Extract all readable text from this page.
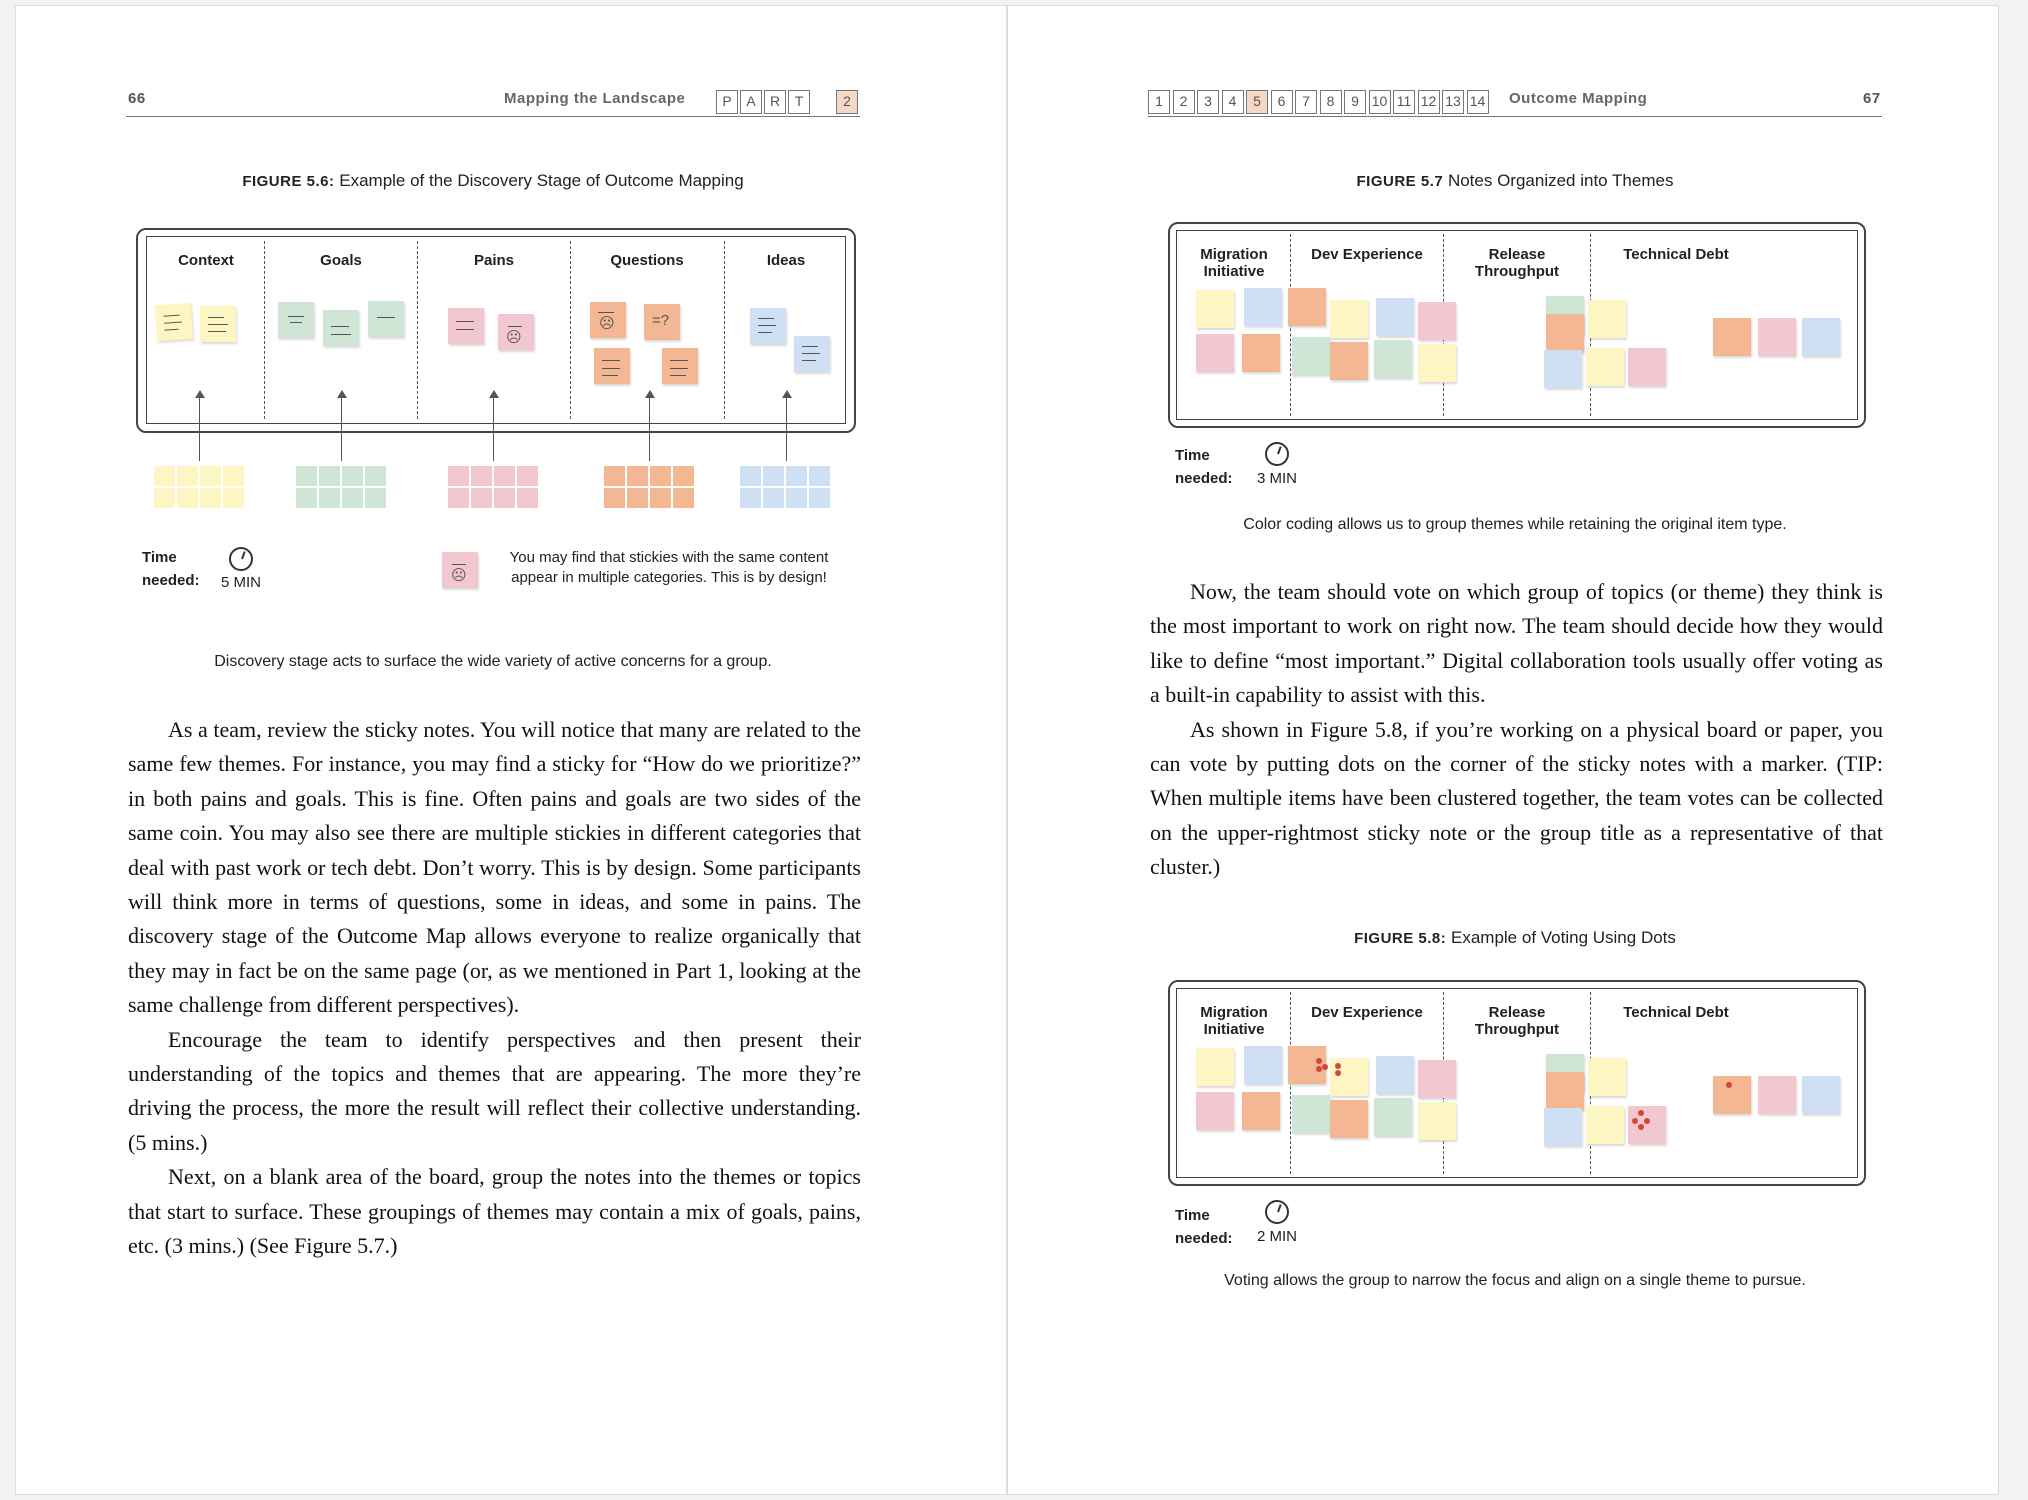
66	Mapping the Landscape	P	A	R	T	2
FIGURE 5.6: Example of the Discovery Stage of Outcome Mapping
Context	Goals	Pains	Questions	Ideas
☹
☹ =?
Time
needed: 5 MIN	☹
You may find that stickies with the same content appear in multiple categories. This is by design!
Discovery stage acts to surface the wide variety of active concerns for a group.

As a team, review the sticky notes. You will notice that many are related to the same few themes. For instance, you may find a sticky for “How do we prioritize?” in both pains and goals. This is fine. Often pains and goals are two sides of the same coin. You may also see there are multiple stickies in different categories that deal with past work or tech debt. Don’t worry. This is by design. Some participants will think more in terms of questions, some in ideas, and some in pains. The discovery stage of the Outcome Map allows everyone to realize organically that they may in fact be on the same page (or, as we mentioned in Part 1, looking at the same challenge from different perspectives).

Encourage the team to identify perspectives and then present their understanding of the topics and themes that are appearing. The more they’re driving the process, the more the result will reflect their collective understanding. (5 mins.)

Next, on a blank area of the board, group the notes into the themes or topics that start to surface. These groupings of themes may contain a mix of goals, pains, etc. (3 mins.) (See Figure 5.7.)

1	2	3	4	5	6	7	8	9 10 11 12 13 14 Outcome Mapping	67
FIGURE 5.7 Notes Organized into Themes
Migration Initiative
Dev Experience	Release Throughput
Technical Debt
Time
needed: 3 MIN
Color coding allows us to group themes while retaining the original item type.

Now, the team should vote on which group of topics (or theme) they think is the most important to work on right now. The team should decide how they would like to define “most important.” Digital collaboration tools usually offer voting as a built-in capability to assist with this.

As shown in Figure 5.8, if you’re working on a physical board or paper, you can vote by putting dots on the corner of the sticky notes with a marker. (TIP: When multiple items have been clustered together, the team votes can be collected on the upper-rightmost sticky note or the group title as a representative of that cluster.)

FIGURE 5.8: Example of Voting Using Dots
Migration Initiative
Dev Experience	Release Throughput
Technical Debt
Time
needed: 2 MIN
Voting allows the group to narrow the focus and align on a single theme to pursue.
